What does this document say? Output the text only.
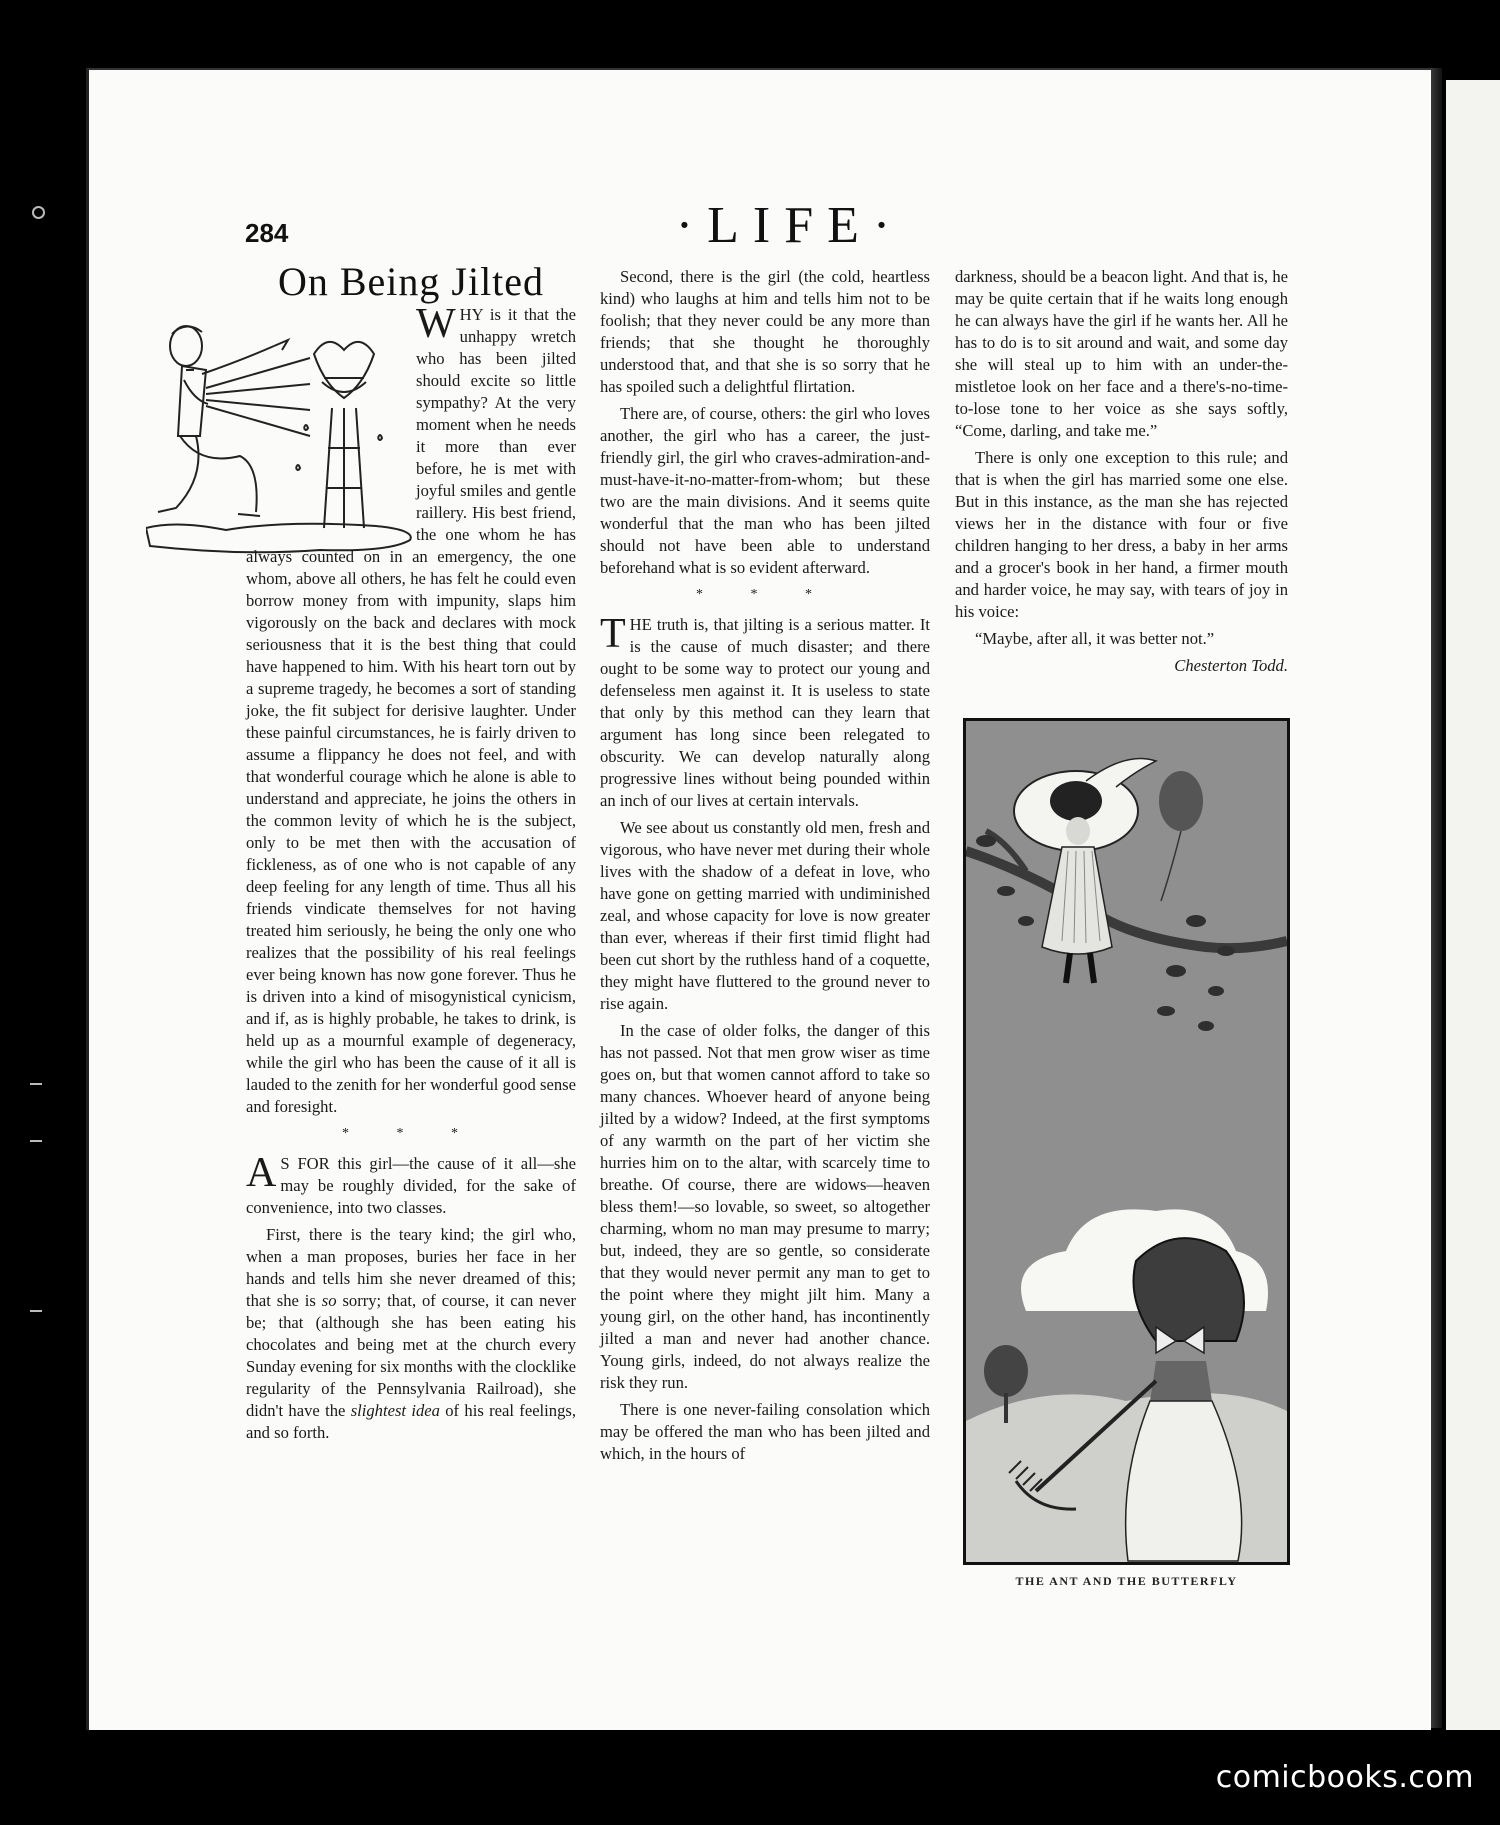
284	·LIFE·
On Being Jilted

WHY is it that the unhappy wretch who has been jilted should excite so little sympathy? At the very moment when he needs it more than ever before, he is met with joyful smiles and gentle raillery. His best friend, the one whom he has always counted on in an emergency, the one whom, above all others, he has felt he could even borrow money from with impunity, slaps him vigorously on the back and declares with mock seriousness that it is the best thing that could have happened to him. With his heart torn out by a supreme tragedy, he becomes a sort of standing joke, the fit subject for derisive laughter. Under these painful circumstances, he is fairly driven to assume a flippancy he does not feel, and with that wonderful courage which he alone is able to understand and appreciate, he joins the others in the common levity of which he is the subject, only to be met then with the accusation of fickleness, as of one who is not capable of any deep feeling for any length of time. Thus all his friends vindicate themselves for not having treated him seriously, he being the only one who realizes that the possibility of his real feelings ever being known has now gone forever. Thus he is driven into a kind of misogynistical cynicism, and if, as is highly probable, he takes to drink, is held up as a mournful example of degeneracy, while the girl who has been the cause of it all is lauded to the zenith for her wonderful good sense and foresight.

* * *

A S FOR this girl—the cause of it all—she may be roughly divided, for the sake of convenience, into two classes.

First, there is the teary kind; the girl who, when a man proposes, buries her face in her hands and tells him she never dreamed of this; that she is so sorry; that, of course, it can never be; that (although she has been eating his chocolates and being met at the church every Sunday evening for six months with the clocklike regularity of the Pennsylvania Railroad), she didn't have the slightest idea of his real feelings, and so forth.

Second, there is the girl (the cold, heartless kind) who laughs at him and tells him not to be foolish; that they never could be any more than friends; that she thought he thoroughly understood that, and that she is so sorry that he has spoiled such a delightful flirtation.

There are, of course, others: the girl who loves another, the girl who has a career, the just-friendly girl, the girl who craves-admiration-and-must-have-it-no-matter-from-whom; but these two are the main divisions. And it seems quite wonderful that the man who has been jilted should not have been able to understand beforehand what is so evident afterward.

* * *

THE truth is, that jilting is a serious matter. It is the cause of much disaster; and there ought to be some way to protect our young and defenseless men against it. It is useless to state that only by this method can they learn that argument has long since been relegated to obscurity. We can develop naturally along progressive lines without being pounded within an inch of our lives at certain intervals.

We see about us constantly old men, fresh and vigorous, who have never met during their whole lives with the shadow of a defeat in love, who have gone on getting married with undiminished zeal, and whose capacity for love is now greater than ever, whereas if their first timid flight had been cut short by the ruthless hand of a coquette, they might have fluttered to the ground never to rise again.

In the case of older folks, the danger of this has not passed. Not that men grow wiser as time goes on, but that women cannot afford to take so many chances. Whoever heard of anyone being jilted by a widow? Indeed, at the first symptoms of any warmth on the part of her victim she hurries him on to the altar, with scarcely time to breathe. Of course, there are widows—heaven bless them!—so lovable, so sweet, so altogether charming, whom no man may presume to marry; but, indeed, they are so gentle, so considerate that they would never permit any man to get to the point where they might jilt him. Many a young girl, on the other hand, has incontinently jilted a man and never had another chance. Young girls, indeed, do not always realize the risk they run.

There is one never-failing consolation which may be offered the man who has been jilted and which, in the hours of

darkness, should be a beacon light. And that is, he may be quite certain that if he waits long enough he can always have the girl if he wants her. All he has to do is to sit around and wait, and some day she will steal up to him with an under-the-mistletoe look on her face and a there's-no-time-to-lose tone to her voice as she says softly, “Come, darling, and take me.”

There is only one exception to this rule; and that is when the girl has married some one else. But in this instance, as the man she has rejected views her in the distance with four or five children hanging to her dress, a baby in her arms and a grocer's book in her hand, a firmer mouth and harder voice, he may say, with tears of joy in his voice:

“Maybe, after all, it was better not.”

Chesterton Todd.

THE ANT AND THE BUTTERFLY
comicbooks.com
